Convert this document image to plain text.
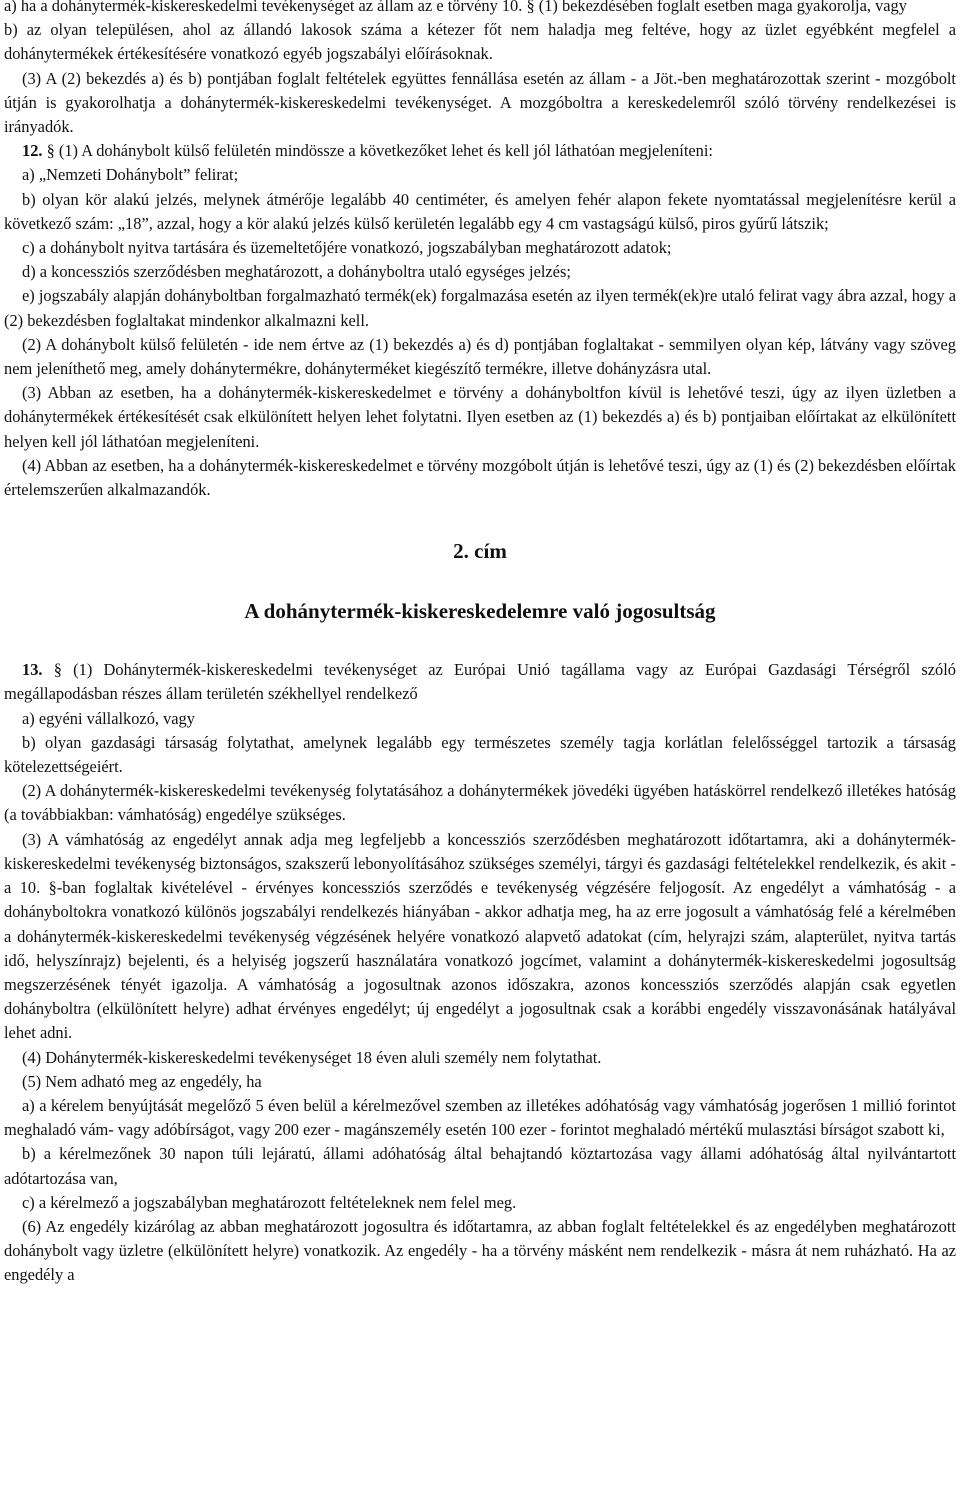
a) ha a dohánytermék-kiskereskedelmi tevékenységet az állam az e törvény 10. § (1) bekezdésében foglalt esetben maga gyakorolja, vagy

b) az olyan településen, ahol az állandó lakosok száma a kétezer főt nem haladja meg feltéve, hogy az üzlet egyébként megfelel a dohánytermékek értékesítésére vonatkozó egyéb jogszabályi előírásoknak.

(3) A (2) bekezdés a) és b) pontjában foglalt feltételek együttes fennállása esetén az állam - a Jöt.-ben meghatározottak szerint - mozgóbolt útján is gyakorolhatja a dohánytermék-kiskereskedelmi tevékenységet. A mozgóboltra a kereskedelemről szóló törvény rendelkezései is irányadók.

12. § (1) A dohánybolt külső felületén mindössze a következőket lehet és kell jól láthatóan megjeleníteni:

a) „Nemzeti Dohánybolt” felirat;

b) olyan kör alakú jelzés, melynek átmérője legalább 40 centiméter, és amelyen fehér alapon fekete nyomtatással megjelenítésre kerül a következő szám: „18”, azzal, hogy a kör alakú jelzés külső kerületén legalább egy 4 cm vastagságú külső, piros gyűrű látszik;

c) a dohánybolt nyitva tartására és üzemeltetőjére vonatkozó, jogszabályban meghatározott adatok;

d) a koncessziós szerződésben meghatározott, a dohányboltra utaló egységes jelzés;

e) jogszabály alapján dohányboltban forgalmazható termék(ek) forgalmazása esetén az ilyen termék(ek)re utaló felirat vagy ábra azzal, hogy a (2) bekezdésben foglaltakat mindenkor alkalmazni kell.

(2) A dohánybolt külső felületén - ide nem értve az (1) bekezdés a) és d) pontjában foglaltakat - semmilyen olyan kép, látvány vagy szöveg nem jeleníthető meg, amely dohánytermékre, dohányterméket kiegészítő termékre, illetve dohányzásra utal.

(3) Abban az esetben, ha a dohánytermék-kiskereskedelmet e törvény a dohányboltfon kívül is lehetővé teszi, úgy az ilyen üzletben a dohánytermékek értékesítését csak elkülönített helyen lehet folytatni. Ilyen esetben az (1) bekezdés a) és b) pontjaiban előírtakat az elkülönített helyen kell jól láthatóan megjeleníteni.

(4) Abban az esetben, ha a dohánytermék-kiskereskedelmet e törvény mozgóbolt útján is lehetővé teszi, úgy az (1) és (2) bekezdésben előírtak értelemszerűen alkalmazandók.

2. cím

A dohánytermék-kiskereskedelemre való jogosultság

13. § (1) Dohánytermék-kiskereskedelmi tevékenységet az Európai Unió tagállama vagy az Európai Gazdasági Térségről szóló megállapodásban részes állam területén székhellyel rendelkező

a) egyéni vállalkozó, vagy

b) olyan gazdasági társaság folytathat, amelynek legalább egy természetes személy tagja korlátlan felelősséggel tartozik a társaság kötelezettségeiért.

(2) A dohánytermék-kiskereskedelmi tevékenység folytatásához a dohánytermékek jövedéki ügyében hatáskörrel rendelkező illetékes hatóság (a továbbiakban: vámhatóság) engedélye szükséges.

(3) A vámhatóság az engedélyt annak adja meg legfeljebb a koncessziós szerződésben meghatározott időtartamra, aki a dohánytermék-kiskereskedelmi tevékenység biztonságos, szakszerű lebonyolításához szükséges személyi, tárgyi és gazdasági feltételekkel rendelkezik, és akit - a 10. §-ban foglaltak kivételével - érvényes koncessziós szerződés e tevékenység végzésére feljogosít. Az engedélyt a vámhatóság - a dohányboltokra vonatkozó különös jogszabályi rendelkezés hiányában - akkor adhatja meg, ha az erre jogosult a vámhatóság felé a kérelmében a dohánytermék-kiskereskedelmi tevékenység végzésének helyére vonatkozó alapvető adatokat (cím, helyrajzi szám, alapterület, nyitva tartás idő, helyszínrajz) bejelenti, és a helyiség jogszerű használatára vonatkozó jogcímet, valamint a dohánytermék-kiskereskedelmi jogosultság megszerzésének tényét igazolja. A vámhatóság a jogosultnak azonos időszakra, azonos koncessziós szerződés alapján csak egyetlen dohányboltra (elkülönített helyre) adhat érvényes engedélyt; új engedélyt a jogosultnak csak a korábbi engedély visszavonásának hatályával lehet adni.

(4) Dohánytermék-kiskereskedelmi tevékenységet 18 éven aluli személy nem folytathat.

(5) Nem adható meg az engedély, ha

a) a kérelem benyújtását megelőző 5 éven belül a kérelmezővel szemben az illetékes adóhatóság vagy vámhatóság jogerősen 1 millió forintot meghaladó vám- vagy adóbírságot, vagy 200 ezer - magánszemély esetén 100 ezer - forintot meghaladó mértékű mulasztási bírságot szabott ki,

b) a kérelmezőnek 30 napon túli lejáratú, állami adóhatóság által behajtandó köztartozása vagy állami adóhatóság által nyilvántartott adótartozása van,

c) a kérelmező a jogszabályban meghatározott feltételeknek nem felel meg.

(6) Az engedély kizárólag az abban meghatározott jogosultra és időtartamra, az abban foglalt feltételekkel és az engedélyben meghatározott dohánybolt vagy üzletre (elkülönített helyre) vonatkozik. Az engedély - ha a törvény másként nem rendelkezik - másra át nem ruházható. Ha az engedély a
